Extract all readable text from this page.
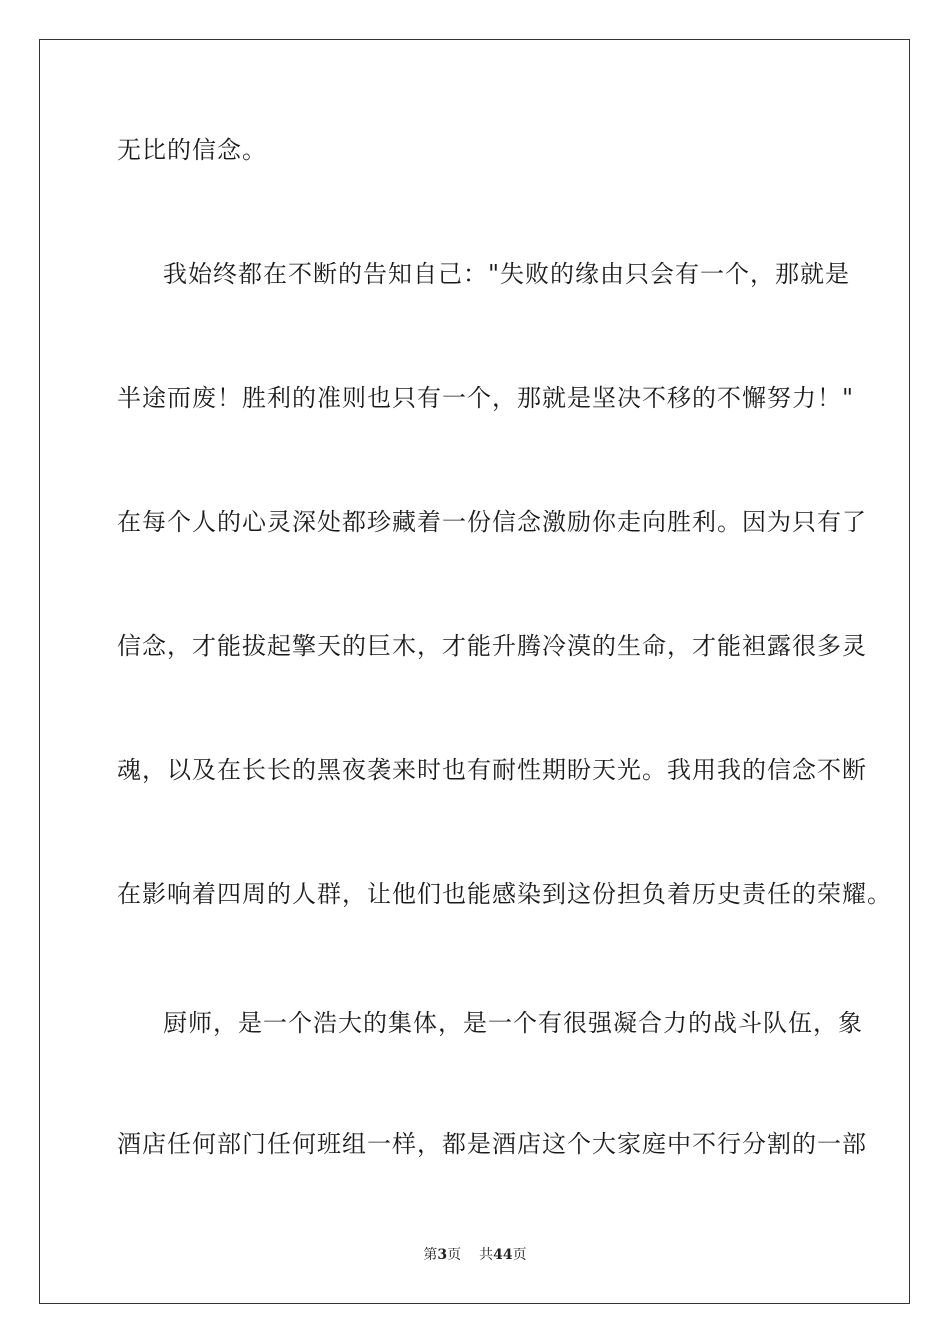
无比的信念。
我始终都在不断的告知自己："失败的缘由只会有一个，那就是
半途而废！胜利的准则也只有一个，那就是坚决不移的不懈努力！"
在每个人的心灵深处都珍藏着一份信念激励你走向胜利。因为只有了
信念，才能拔起擎天的巨木，才能升腾冷漠的生命，才能袒露很多灵
魂，以及在长长的黑夜袭来时也有耐性期盼天光。我用我的信念不断
在影响着四周的人群，让他们也能感染到这份担负着历史责任的荣耀。
厨师，是一个浩大的集体，是一个有很强凝合力的战斗队伍，象
酒店任何部门任何班组一样，都是酒店这个大家庭中不行分割的一部
第3页 共44页
